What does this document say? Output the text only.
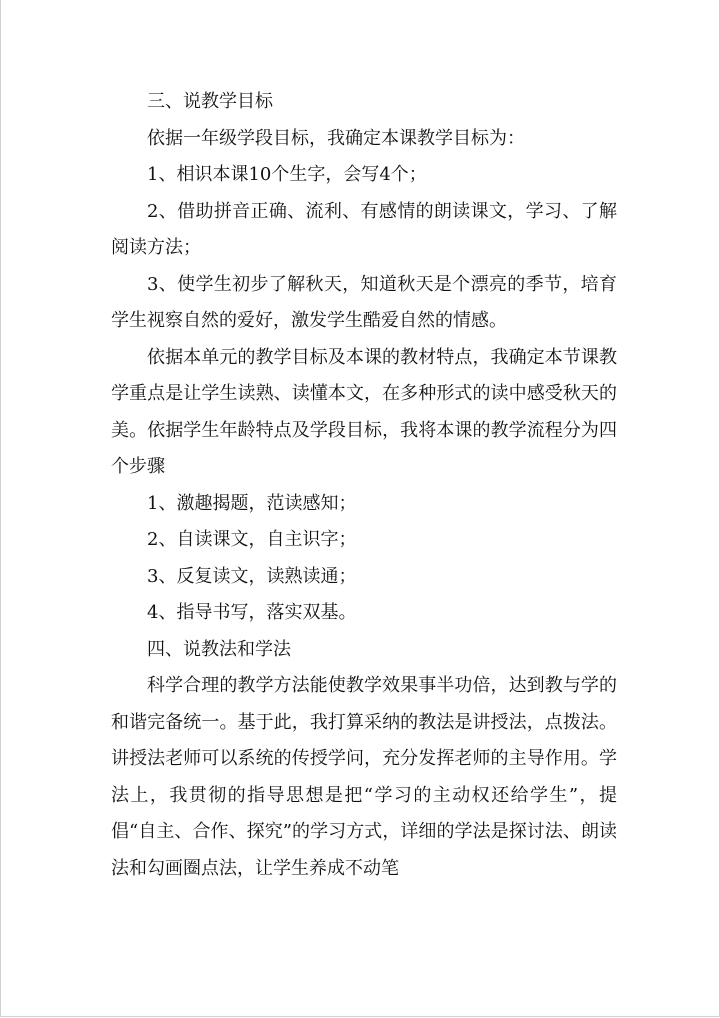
三、说教学目标

依据一年级学段目标，我确定本课教学目标为：

1、相识本课10个生字，会写4个；

2、借助拼音正确、流利、有感情的朗读课文，学习、了解阅读方法；

3、使学生初步了解秋天，知道秋天是个漂亮的季节，培育学生视察自然的爱好，激发学生酷爱自然的情感。

依据本单元的教学目标及本课的教材特点，我确定本节课教学重点是让学生读熟、读懂本文，在多种形式的读中感受秋天的美。依据学生年龄特点及学段目标，我将本课的教学流程分为四个步骤

1、激趣揭题，范读感知；

2、自读课文，自主识字；

3、反复读文，读熟读通；

4、指导书写，落实双基。

四、说教法和学法

科学合理的教学方法能使教学效果事半功倍，达到教与学的和谐完备统一。基于此，我打算采纳的教法是讲授法，点拨法。讲授法老师可以系统的传授学问，充分发挥老师的主导作用。学法上，我贯彻的指导思想是把“学习的主动权还给学生”，提倡“自主、合作、探究”的学习方式，详细的学法是探讨法、朗读法和勾画圈点法，让学生养成不动笔
